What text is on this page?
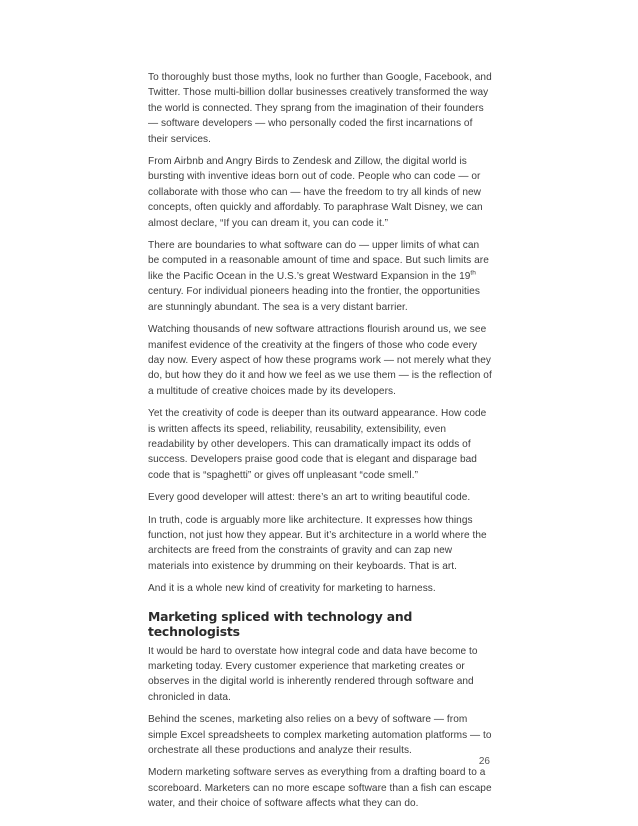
To thoroughly bust those myths, look no further than Google, Facebook, and Twitter. Those multi-billion dollar businesses creatively transformed the way the world is connected. They sprang from the imagination of their founders — software developers — who personally coded the first incarnations of their services.

From Airbnb and Angry Birds to Zendesk and Zillow, the digital world is bursting with inventive ideas born out of code. People who can code — or collaborate with those who can — have the freedom to try all kinds of new concepts, often quickly and affordably. To paraphrase Walt Disney, we can almost declare, “If you can dream it, you can code it.”

There are boundaries to what software can do — upper limits of what can be computed in a reasonable amount of time and space. But such limits are like the Pacific Ocean in the U.S.’s great Westward Expansion in the 19th century. For individual pioneers heading into the frontier, the opportunities are stunningly abundant. The sea is a very distant barrier.

Watching thousands of new software attractions flourish around us, we see manifest evidence of the creativity at the fingers of those who code every day now. Every aspect of how these programs work — not merely what they do, but how they do it and how we feel as we use them — is the reflection of a multitude of creative choices made by its developers.

Yet the creativity of code is deeper than its outward appearance. How code is written affects its speed, reliability, reusability, extensibility, even readability by other developers. This can dramatically impact its odds of success. Developers praise good code that is elegant and disparage bad code that is “spaghetti” or gives off unpleasant “code smell.”

Every good developer will attest: there’s an art to writing beautiful code.

In truth, code is arguably more like architecture. It expresses how things function, not just how they appear. But it’s architecture in a world where the architects are freed from the constraints of gravity and can zap new materials into existence by drumming on their keyboards. That is art.

And it is a whole new kind of creativity for marketing to harness.

Marketing spliced with technology and technologists

It would be hard to overstate how integral code and data have become to marketing today. Every customer experience that marketing creates or observes in the digital world is inherently rendered through software and chronicled in data.

Behind the scenes, marketing also relies on a bevy of software — from simple Excel spreadsheets to complex marketing automation platforms — to orchestrate all these productions and analyze their results.

Modern marketing software serves as everything from a drafting board to a scoreboard. Marketers can no more escape software than a fish can escape water, and their choice of software affects what they can do.

26
